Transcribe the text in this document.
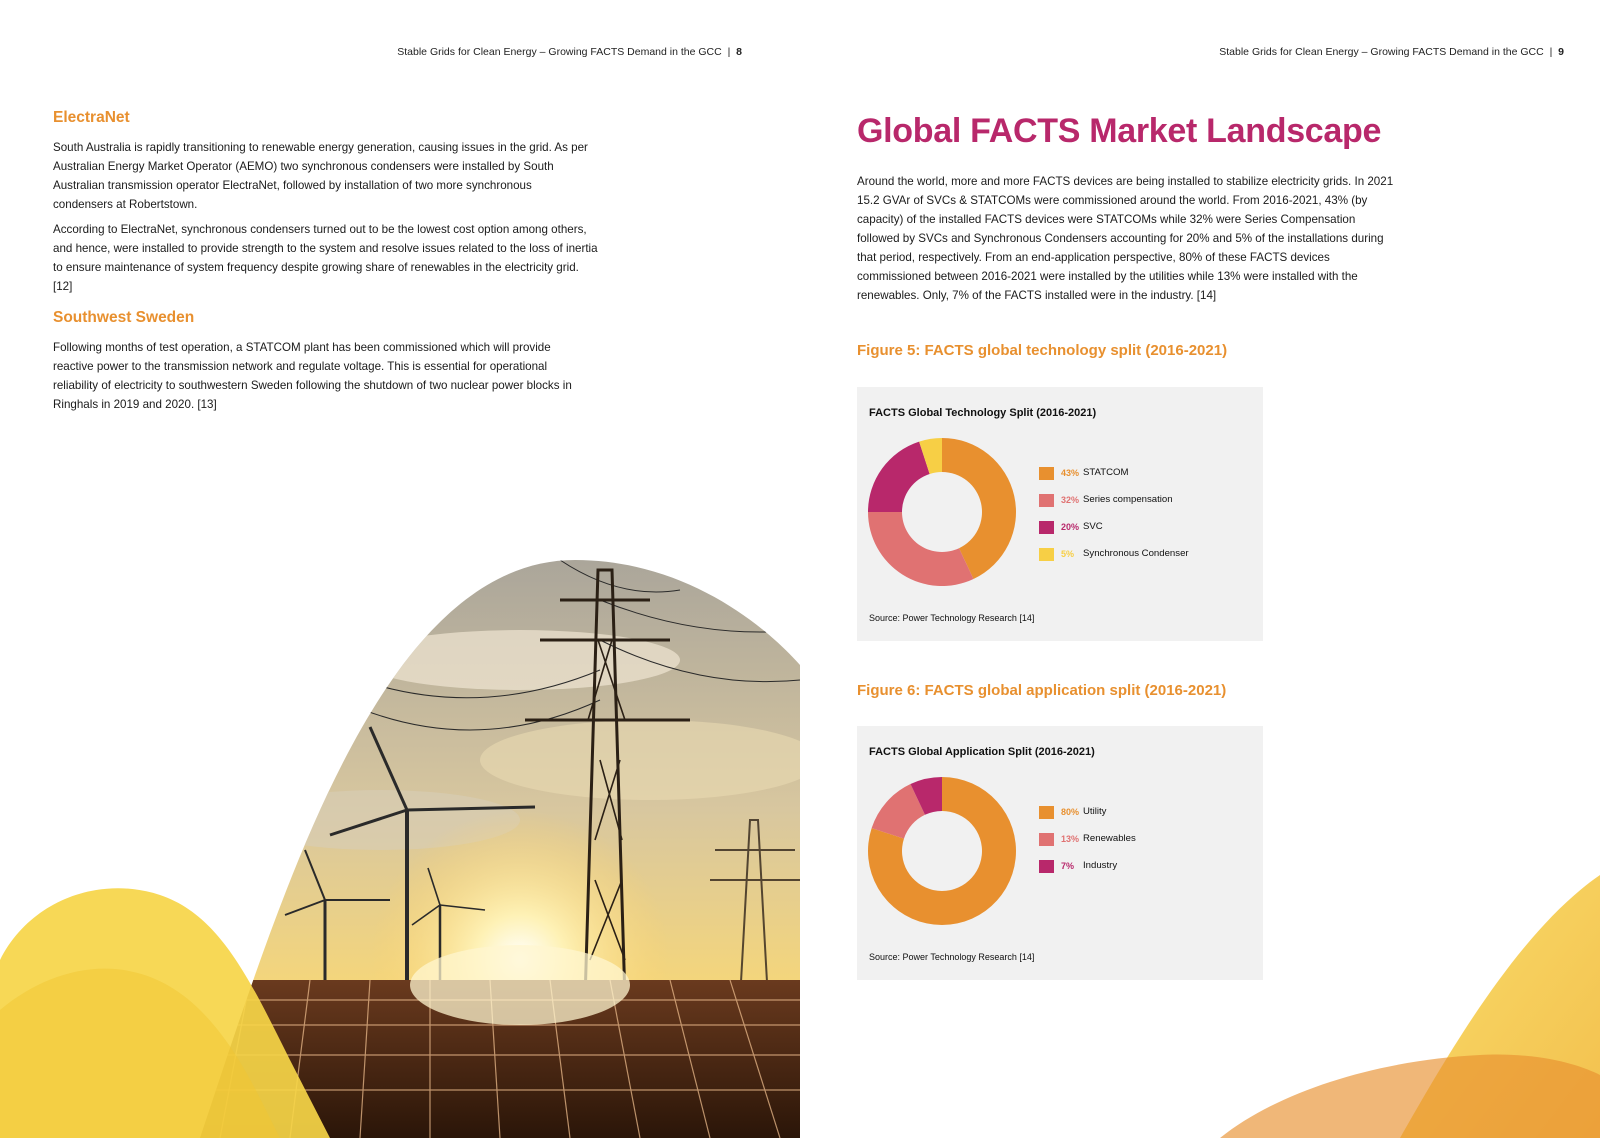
Stable Grids for Clean Energy – Growing FACTS Demand in the GCC | 8
ElectraNet

South Australia is rapidly transitioning to renewable energy generation, causing issues in the grid. As per Australian Energy Market Operator (AEMO) two synchronous condensers were installed by South Australian transmission operator ElectraNet, followed by installation of two more synchronous condensers at Robertstown.

According to ElectraNet, synchronous condensers turned out to be the lowest cost option among others, and hence, were installed to provide strength to the system and resolve issues related to the loss of inertia to ensure maintenance of system frequency despite growing share of renewables in the electricity grid. [12]

Southwest Sweden

Following months of test operation, a STATCOM plant has been commissioned which will provide reactive power to the transmission network and regulate voltage. This is essential for operational reliability of electricity to southwestern Sweden following the shutdown of two nuclear power blocks in Ringhals in 2019 and 2020. [13]

Stable Grids for Clean Energy – Growing FACTS Demand in the GCC | 9
Global FACTS Market Landscape

Around the world, more and more FACTS devices are being installed to stabilize electricity grids. In 2021 15.2 GVAr of SVCs & STATCOMs were commissioned around the world. From 2016-2021, 43% (by capacity) of the installed FACTS devices were STATCOMs while 32% were Series Compensation followed by SVCs and Synchronous Condensers accounting for 20% and 5% of the installations during that period, respectively. From an end-application perspective, 80% of these FACTS devices commissioned between 2016-2021 were installed by the utilities while 13% were installed with the renewables. Only, 7% of the FACTS installed were in the industry. [14]

Figure 5: FACTS global technology split (2016-2021)
FACTS Global Technology Split (2016-2021)
43% STATCOM
32% Series compensation
20% SVC
5% Synchronous Condenser
Source: Power Technology Research [14]
Figure 6: FACTS global application split (2016-2021)
FACTS Global Application Split (2016-2021)
80% Utility
13% Renewables
7% Industry
Source: Power Technology Research [14]
